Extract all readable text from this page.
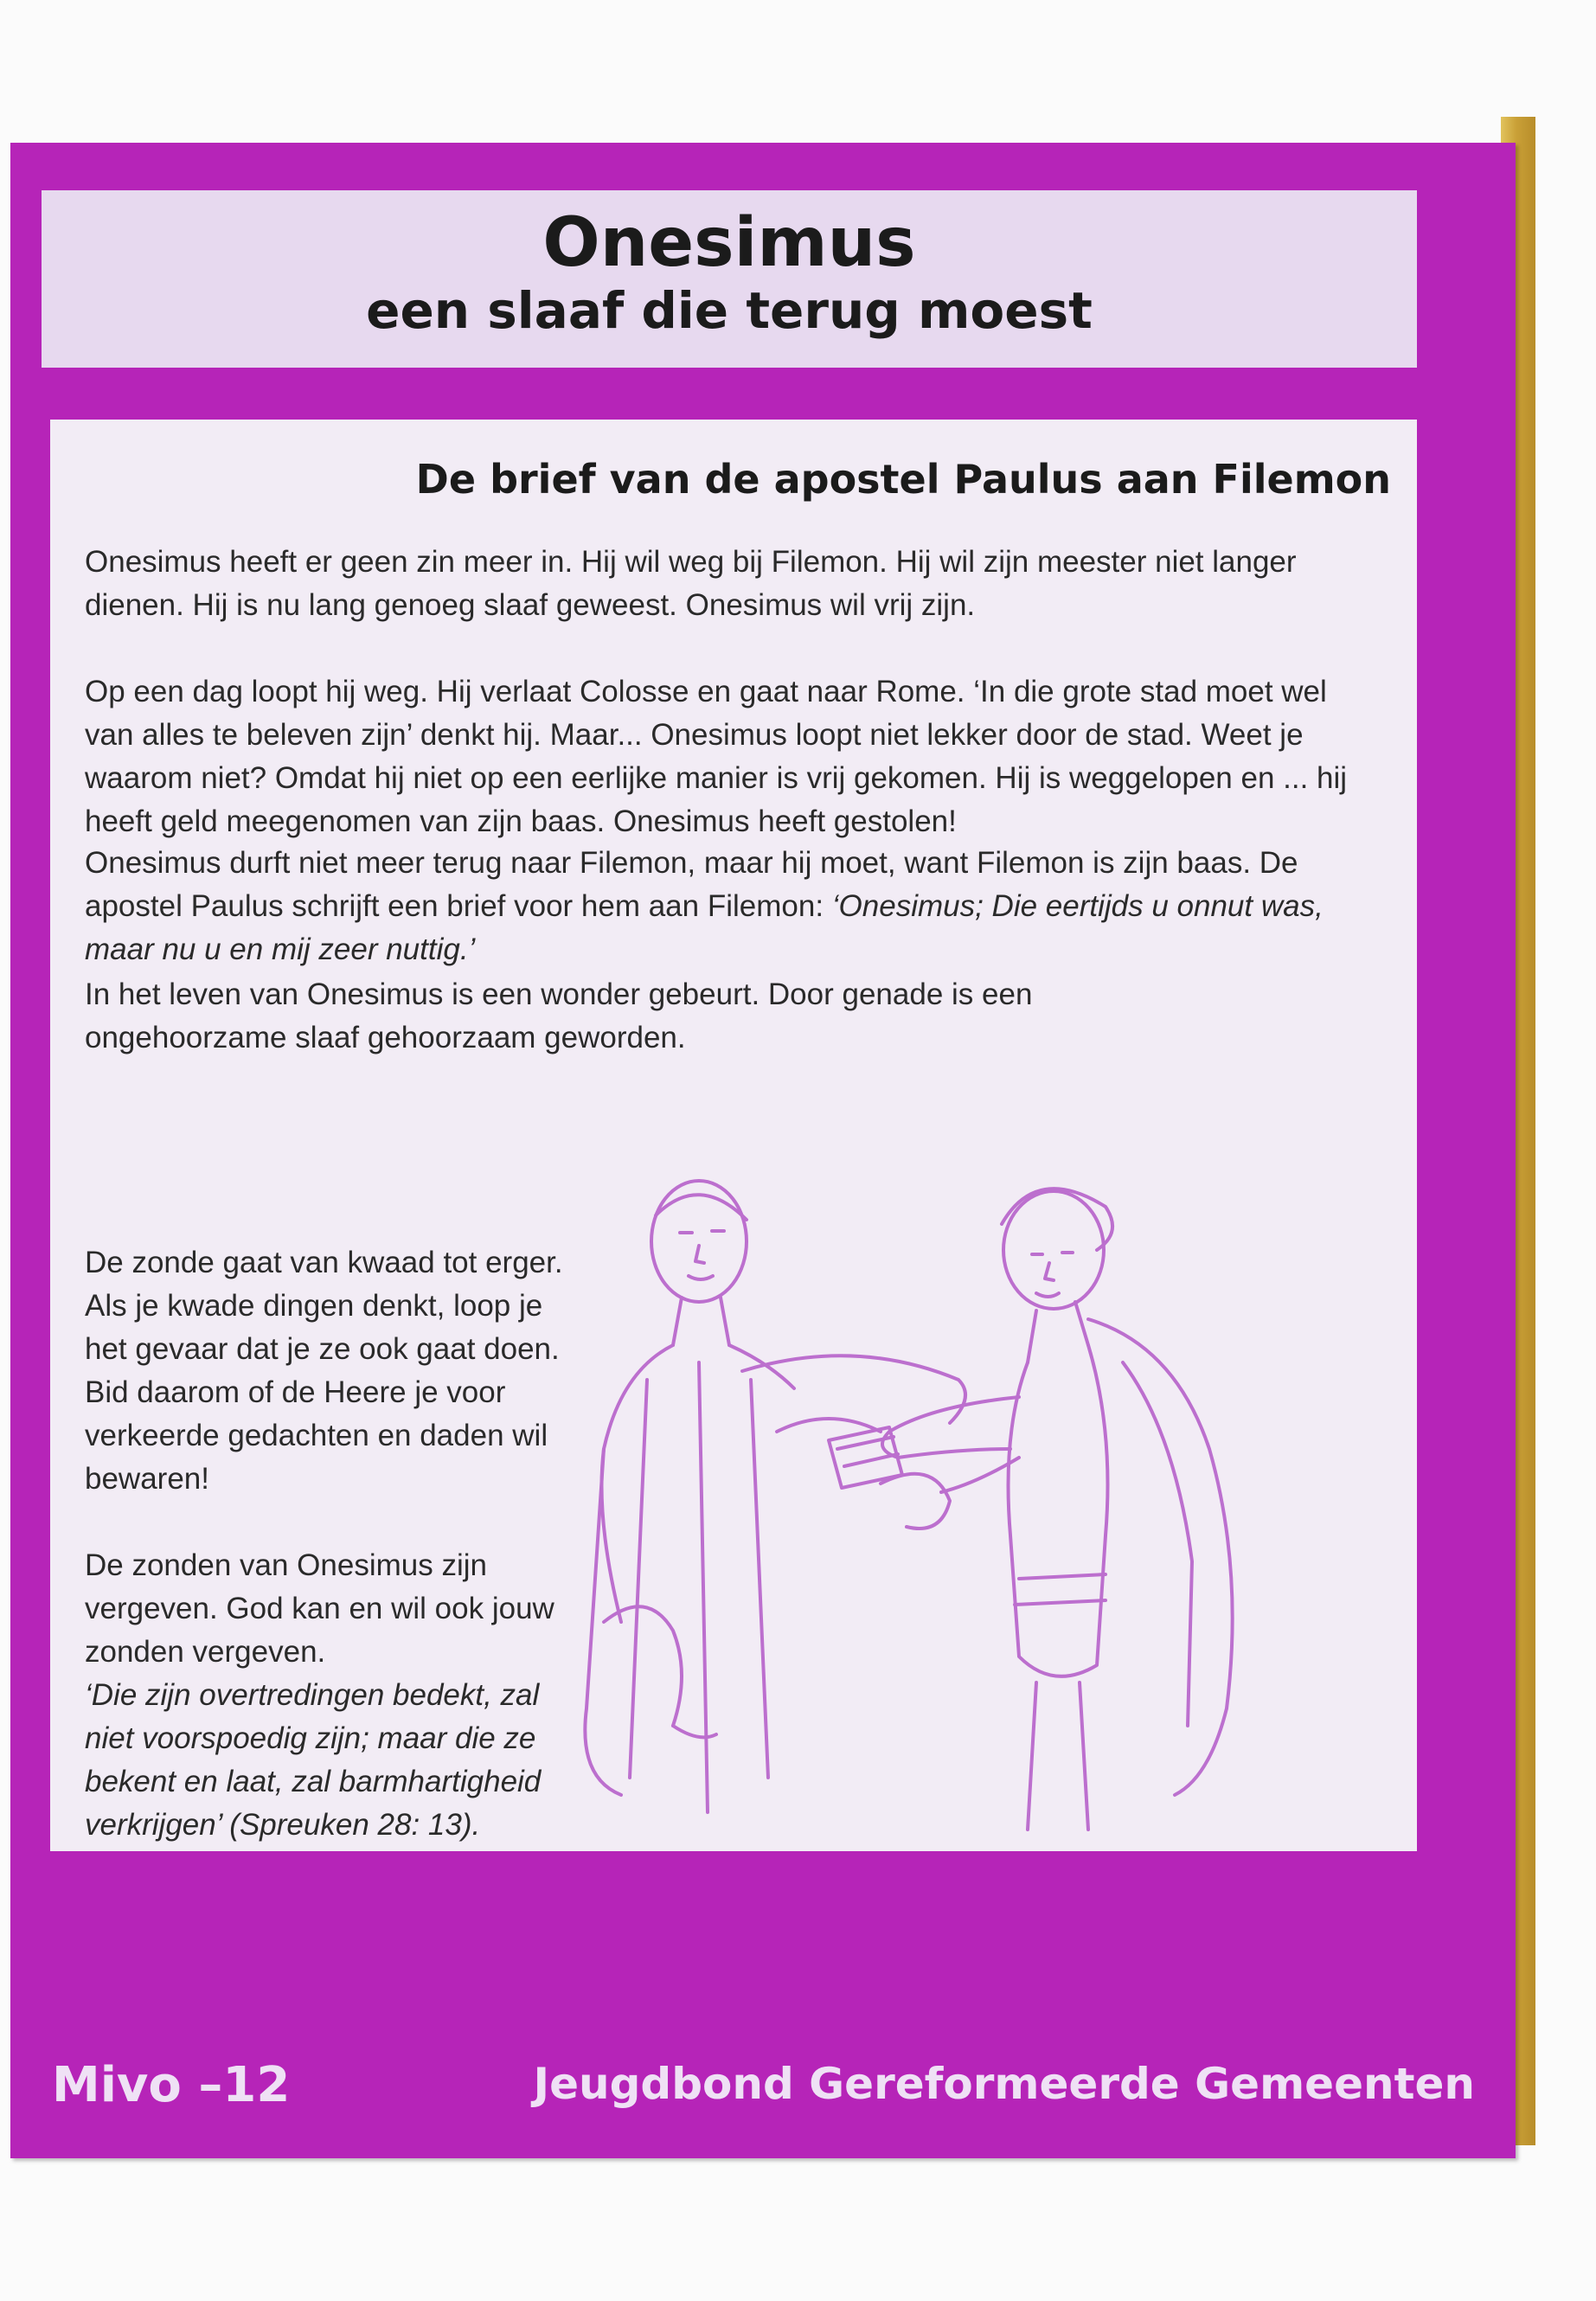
Onesimus
een slaaf die terug moest
De brief van de apostel Paulus aan Filemon

Onesimus heeft er geen zin meer in. Hij wil weg bij Filemon. Hij wil zijn meester niet langer dienen. Hij is nu lang genoeg slaaf geweest. Onesimus wil vrij zijn.

Op een dag loopt hij weg. Hij verlaat Colosse en gaat naar Rome. ‘In die grote stad moet wel van alles te beleven zijn’ denkt hij. Maar... Onesimus loopt niet lekker door de stad. Weet je waarom niet? Omdat hij niet op een eerlijke manier is vrij gekomen. Hij is weggelopen en ... hij heeft geld meegenomen van zijn baas. Onesimus heeft gestolen!

Onesimus durft niet meer terug naar Filemon, maar hij moet, want Filemon is zijn baas. De apostel Paulus schrijft een brief voor hem aan Filemon: ‘Onesimus; Die eertijds u onnut was, maar nu u en mij zeer nuttig.’

In het leven van Onesimus is een wonder gebeurt. Door genade is een ongehoorzame slaaf gehoorzaam geworden.

De zonde gaat van kwaad tot erger. Als je kwade dingen denkt, loop je het gevaar dat je ze ook gaat doen. Bid daarom of de Heere je voor verkeerde gedachten en daden wil bewaren!

De zonden van Onesimus zijn vergeven. God kan en wil ook jouw zonden vergeven.

‘Die zijn overtredingen bedekt, zal niet voorspoedig zijn; maar die ze bekent en laat, zal barmhartigheid verkrijgen’ (Spreuken 28: 13).

Mivo –12	Jeugdbond Gereformeerde Gemeenten
